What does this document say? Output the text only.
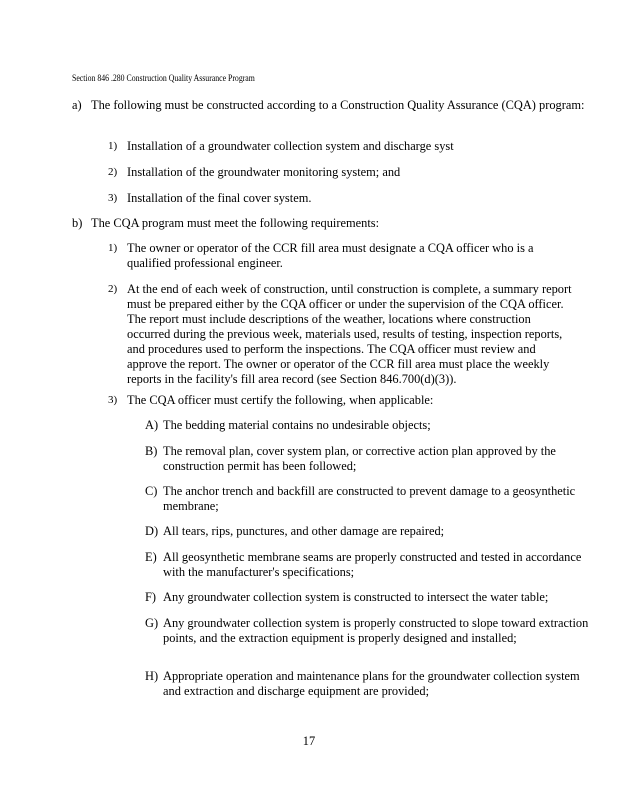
Section 846 .280 Construction Quality Assurance Program
a) The following must be constructed according to a Construction Quality Assurance (CQA) program:
1) Installation of a groundwater collection system and discharge syst
2) Installation of the groundwater monitoring system; and
3) Installation of the final cover system.
b) The CQA program must meet the following requirements:
1) The owner or operator of the CCR fill area must designate a CQA officer who is a qualified professional engineer.
2) At the end of each week of construction, until construction is complete, a summary report must be prepared either by the CQA officer or under the supervision of the CQA officer. The report must include descriptions of the weather, locations where construction occurred during the previous week, materials used, results of testing, inspection reports, and procedures used to perform the inspections. The CQA officer must review and approve the report. The owner or operator of the CCR fill area must place the weekly reports in the facility's fill area record (see Section 846.700(d)(3)).
3) The CQA officer must certify the following, when applicable:
A) The bedding material contains no undesirable objects;
B) The removal plan, cover system plan, or corrective action plan approved by the construction permit has been followed;
C) The anchor trench and backfill are constructed to prevent damage to a geosynthetic membrane;
D) All tears, rips, punctures, and other damage are repaired;
E) All geosynthetic membrane seams are properly constructed and tested in accordance with the manufacturer's specifications;
F) Any groundwater collection system is constructed to intersect the water table;
G) Any groundwater collection system is properly constructed to slope toward extraction points, and the extraction equipment is properly designed and installed;
H) Appropriate operation and maintenance plans for the groundwater collection system and extraction and discharge equipment are provided;
17
